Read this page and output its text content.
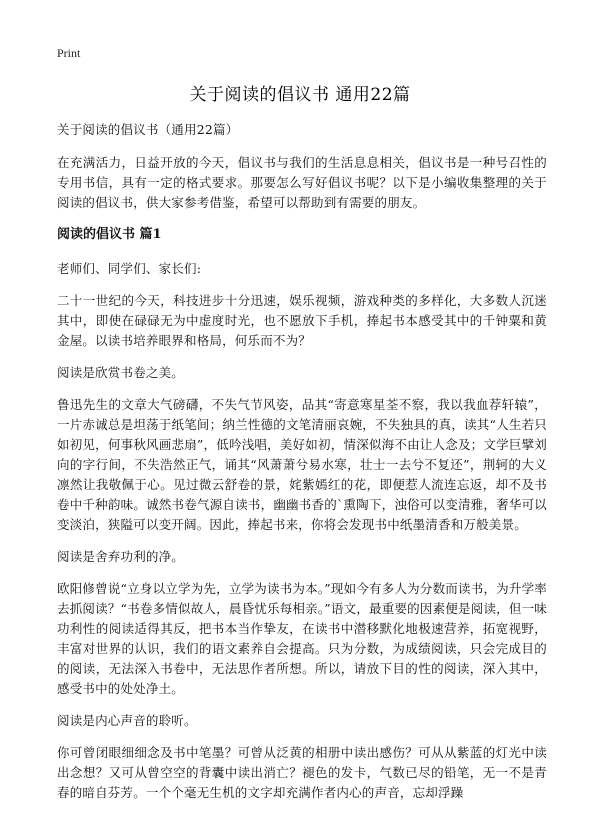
Print
关于阅读的倡议书 通用22篇

关于阅读的倡议书（通用22篇）

在充满活力，日益开放的今天，倡议书与我们的生活息息相关，倡议书是一种号召性的专用书信，具有一定的格式要求。那要怎么写好倡议书呢？以下是小编收集整理的关于阅读的倡议书，供大家参考借鉴，希望可以帮助到有需要的朋友。

阅读的倡议书 篇1

老师们、同学们、家长们:

二十一世纪的今天，科技进步十分迅速，娱乐视频，游戏种类的多样化，大多数人沉迷其中，即使在碌碌无为中虚度时光，也不愿放下手机，捧起书本感受其中的千钟粟和黄金屋。以读书培养眼界和格局，何乐而不为？

阅读是欣赏书卷之美。

鲁迅先生的文章大气磅礴，不失气节风姿，品其“寄意寒星荃不察，我以我血荐轩辕”，一片赤诚总是坦荡于纸笔间；纳兰性德的文笔清丽哀婉，不失独具的真，读其“人生若只如初见，何事秋风画悲扇”，低吟浅唱，美好如初，情深似海不由让人念及；文学巨擘刘向的字行间，不失浩然正气，诵其“风萧萧兮易水寒，壮士一去兮不复还”，荆轲的大义凛然让我敬佩于心。见过微云舒卷的景，姹紫嫣红的花，即便惹人流连忘返，却不及书卷中千种韵味。诚然书卷气源自读书，幽幽书香的`熏陶下，浊俗可以变清雅，奢华可以变淡泊，狭隘可以变开阔。因此，捧起书来，你将会发现书中纸墨清香和万般美景。

阅读是舍弃功利的净。

欧阳修曾说“立身以立学为先，立学为读书为本。”现如今有多人为分数而读书，为升学率去抓阅读？“书卷多情似故人，晨昏忧乐每相亲。”语文，最重要的因素便是阅读，但一味功利性的阅读适得其反，把书本当作挚友，在读书中潜移默化地极速营养，拓宽视野，丰富对世界的认识，我们的语文素养自会提高。只为分数，为成绩阅读，只会完成目的的阅读，无法深入书卷中，无法思作者所想。所以，请放下目的性的阅读，深入其中，感受书中的处处净土。

阅读是内心声音的聆听。

你可曾闭眼细细念及书中笔墨？可曾从泛黄的相册中读出感伤？可从从紫蓝的灯光中读出念想？又可从曾空空的背囊中读出消亡？褪色的发卡，气数已尽的铅笔，无一不是青春的暗自芬芳。一个个毫无生机的文字却充满作者内心的声音，忘却浮躁
